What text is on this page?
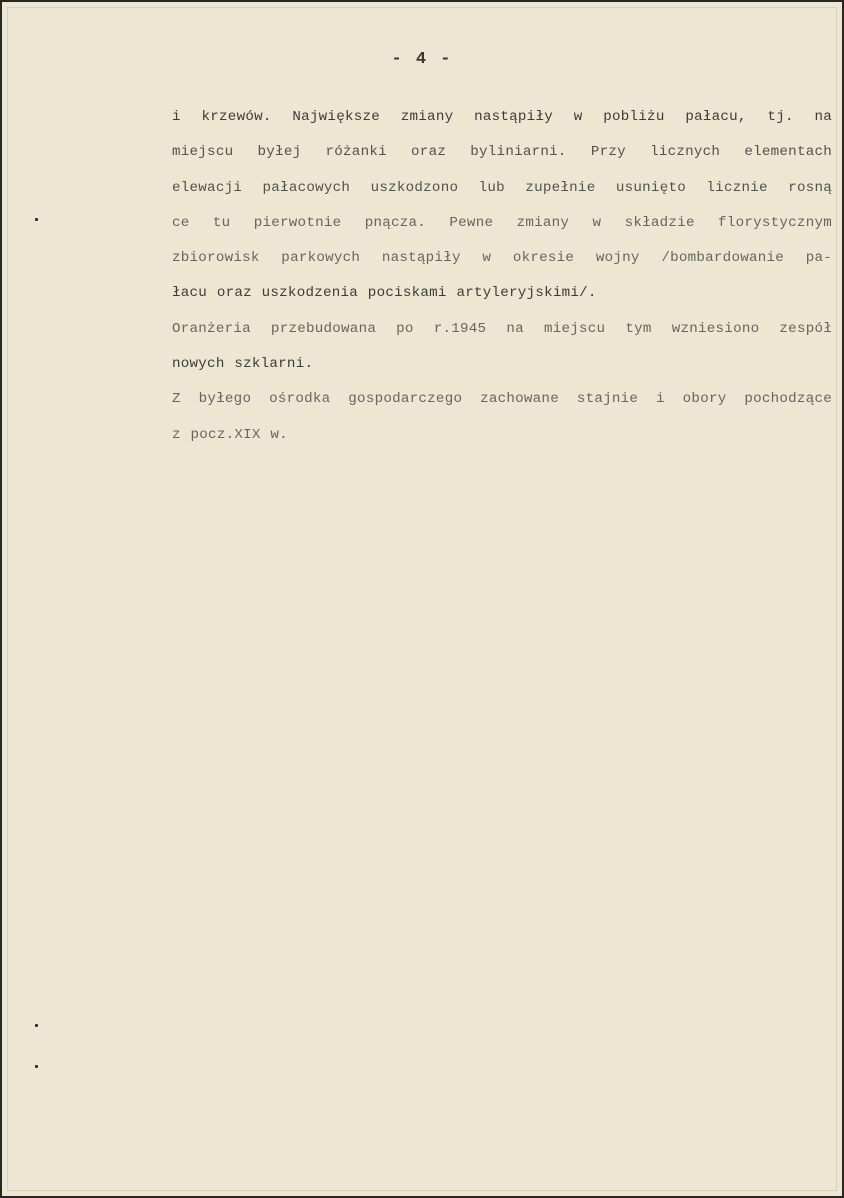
- 4 -
i krzewów. Największe zmiany nastąpiły w pobliżu pałacu, tj. na
miejscu byłej różanki oraz byliniarni. Przy licznych elementach
elewacji pałacowych uszkodzono lub zupełnie usunięto licznie rosną
ce tu pierwotnie pnącza. Pewne zmiany w składzie florystycznym
zbiorowisk parkowych nastąpiły w okresie wojny /bombardowanie pa-
łacu oraz uszkodzenia pociskami artyleryjskimi/.
Oranżeria przebudowana po r.1945 na miejscu tym wzniesiono zespół
nowych szklarni.
Z byłego ośrodka gospodarczego zachowane stajnie i obory pochodzące
z pocz.XIX w.
